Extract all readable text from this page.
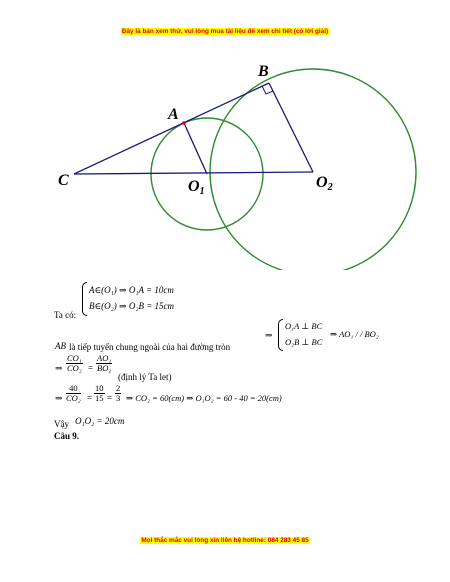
Đây là bản xem thử, vui lòng mua tài liệu để xem chi tiết (có lời giải)
B
A
C	O1
O2
Ta có:
A∈(O₁) ⇒ O₁A = 10cm
B∈(O₂) ⇒ O₂B = 15cm
⇒
O₁A ⊥ BC
O₂B ⊥ BC
⇒ AO₁ / / BO₂
AB là tiếp tuyến chung ngoài của hai đường tròn
⇒ $\frac{\text{CO₁}}{\text{CO₂}} = \frac{\text{AO₁}}{\text{BO₂}}$
(định lý Ta let)
⇒ $\frac{40}{\text{CO₂}} = \frac{10}{15} = \frac{2}{3}$ ⇒ CO₂ = 60(cm) ⇒ O₁O₂ = 60 - 40 = 20(cm)
Vậy O₁O₂ = 20cm
Câu 9.
Mọi thắc mắc vui lòng xin liên hệ hotline: 084 283 45 85
